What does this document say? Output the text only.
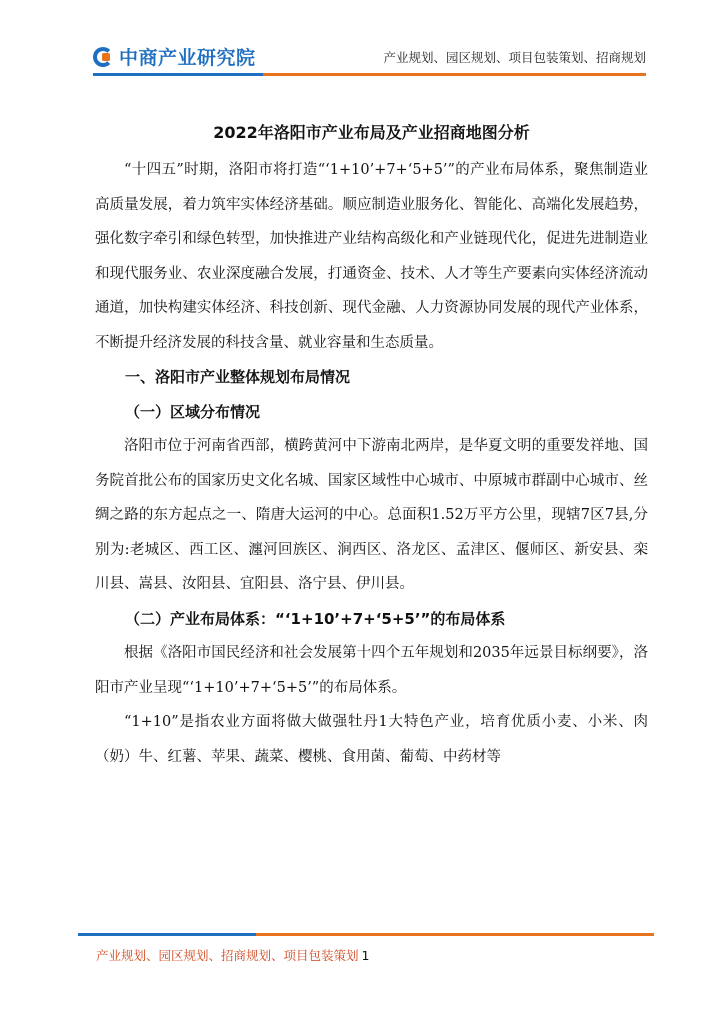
中商产业研究院	产业规划、园区规划、项目包装策划、招商规划
2022年洛阳市产业布局及产业招商地图分析

“十四五”时期，洛阳市将打造“‘1+10’+7+‘5+5’”的产业布局体系，聚焦制造业高质量发展，着力筑牢实体经济基础。顺应制造业服务化、智能化、高端化发展趋势，强化数字牵引和绿色转型，加快推进产业结构高级化和产业链现代化，促进先进制造业和现代服务业、农业深度融合发展，打通资金、技术、人才等生产要素向实体经济流动通道，加快构建实体经济、科技创新、现代金融、人力资源协同发展的现代产业体系，不断提升经济发展的科技含量、就业容量和生态质量。

一、洛阳市产业整体规划布局情况
（一）区域分布情况

洛阳市位于河南省西部，横跨黄河中下游南北两岸，是华夏文明的重要发祥地、国务院首批公布的国家历史文化名城、国家区域性中心城市、中原城市群副中心城市、丝绸之路的东方起点之一、隋唐大运河的中心。总面积1.52万平方公里，现辖7区7县,分别为:老城区、西工区、瀍河回族区、涧西区、洛龙区、孟津区、偃师区、新安县、栾川县、嵩县、汝阳县、宜阳县、洛宁县、伊川县。

（二）产业布局体系：“‘1+10’+7+‘5+5’”的布局体系

根据《洛阳市国民经济和社会发展第十四个五年规划和2035年远景目标纲要》，洛阳市产业呈现“‘1+10’+7+‘5+5’”的布局体系。

“1+10”是指农业方面将做大做强牡丹1大特色产业，培育优质小麦、小米、肉（奶）牛、红薯、苹果、蔬菜、樱桃、食用菌、葡萄、中药材等

产业规划、园区规划、招商规划、项目包装策划 1
